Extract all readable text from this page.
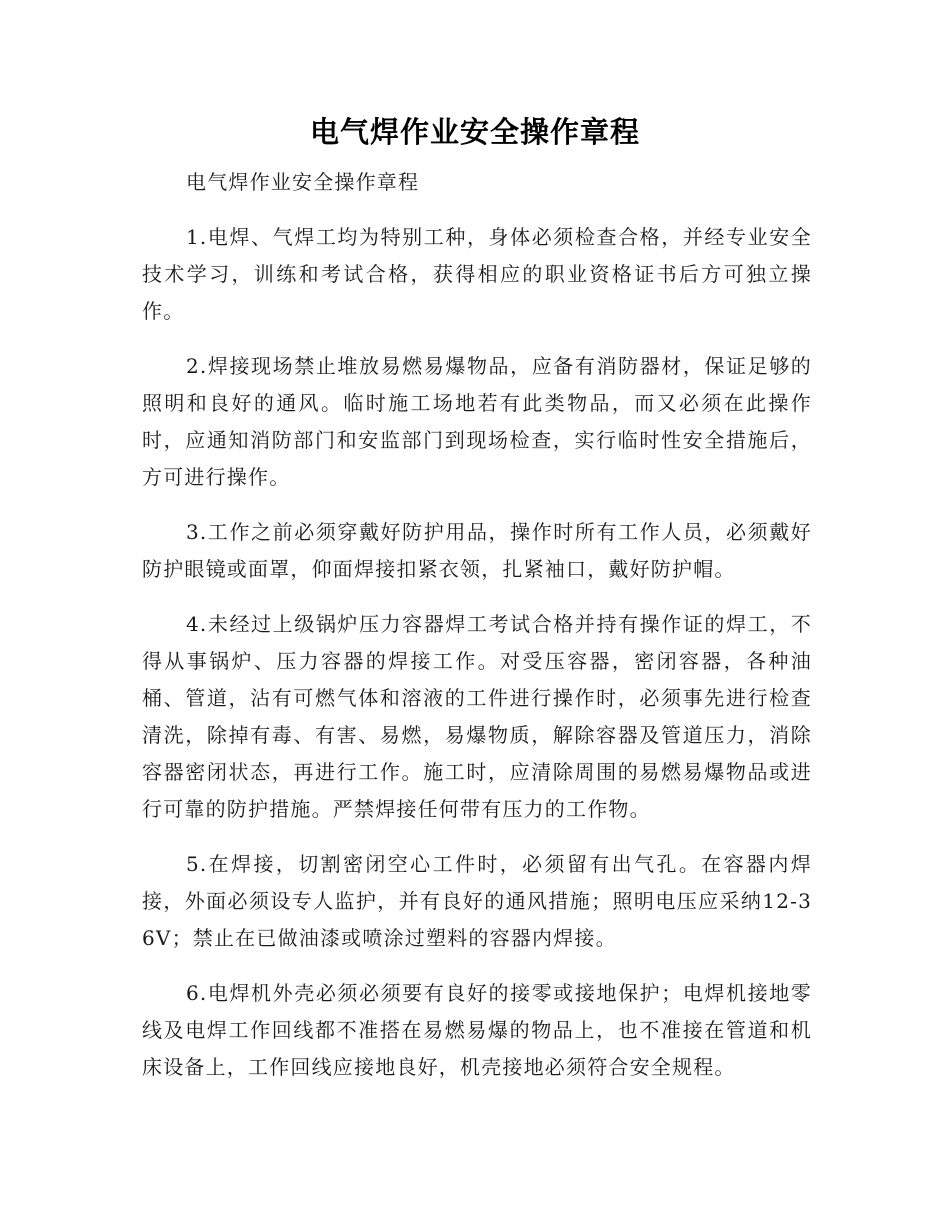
电气焊作业安全操作章程

电气焊作业安全操作章程

1.电焊、气焊工均为特别工种，身体必须检查合格，并经专业安全技术学习，训练和考试合格，获得相应的职业资格证书后方可独立操作。

2.焊接现场禁止堆放易燃易爆物品，应备有消防器材，保证足够的照明和良好的通风。临时施工场地若有此类物品，而又必须在此操作时，应通知消防部门和安监部门到现场检查，实行临时性安全措施后，方可进行操作。

3.工作之前必须穿戴好防护用品，操作时所有工作人员，必须戴好防护眼镜或面罩，仰面焊接扣紧衣领，扎紧袖口，戴好防护帽。

4.未经过上级锅炉压力容器焊工考试合格并持有操作证的焊工，不得从事锅炉、压力容器的焊接工作。对受压容器，密闭容器，各种油桶、管道，沾有可燃气体和溶液的工件进行操作时，必须事先进行检查清洗，除掉有毒、有害、易燃，易爆物质，解除容器及管道压力，消除容器密闭状态，再进行工作。施工时，应清除周围的易燃易爆物品或进行可靠的防护措施。严禁焊接任何带有压力的工作物。

5.在焊接，切割密闭空心工件时，必须留有出气孔。在容器内焊接，外面必须设专人监护，并有良好的通风措施；照明电压应采纳12-36V；禁止在已做油漆或喷涂过塑料的容器内焊接。

6.电焊机外壳必须必须要有良好的接零或接地保护；电焊机接地零线及电焊工作回线都不准搭在易燃易爆的物品上，也不准接在管道和机床设备上，工作回线应接地良好，机壳接地必须符合安全规程。
